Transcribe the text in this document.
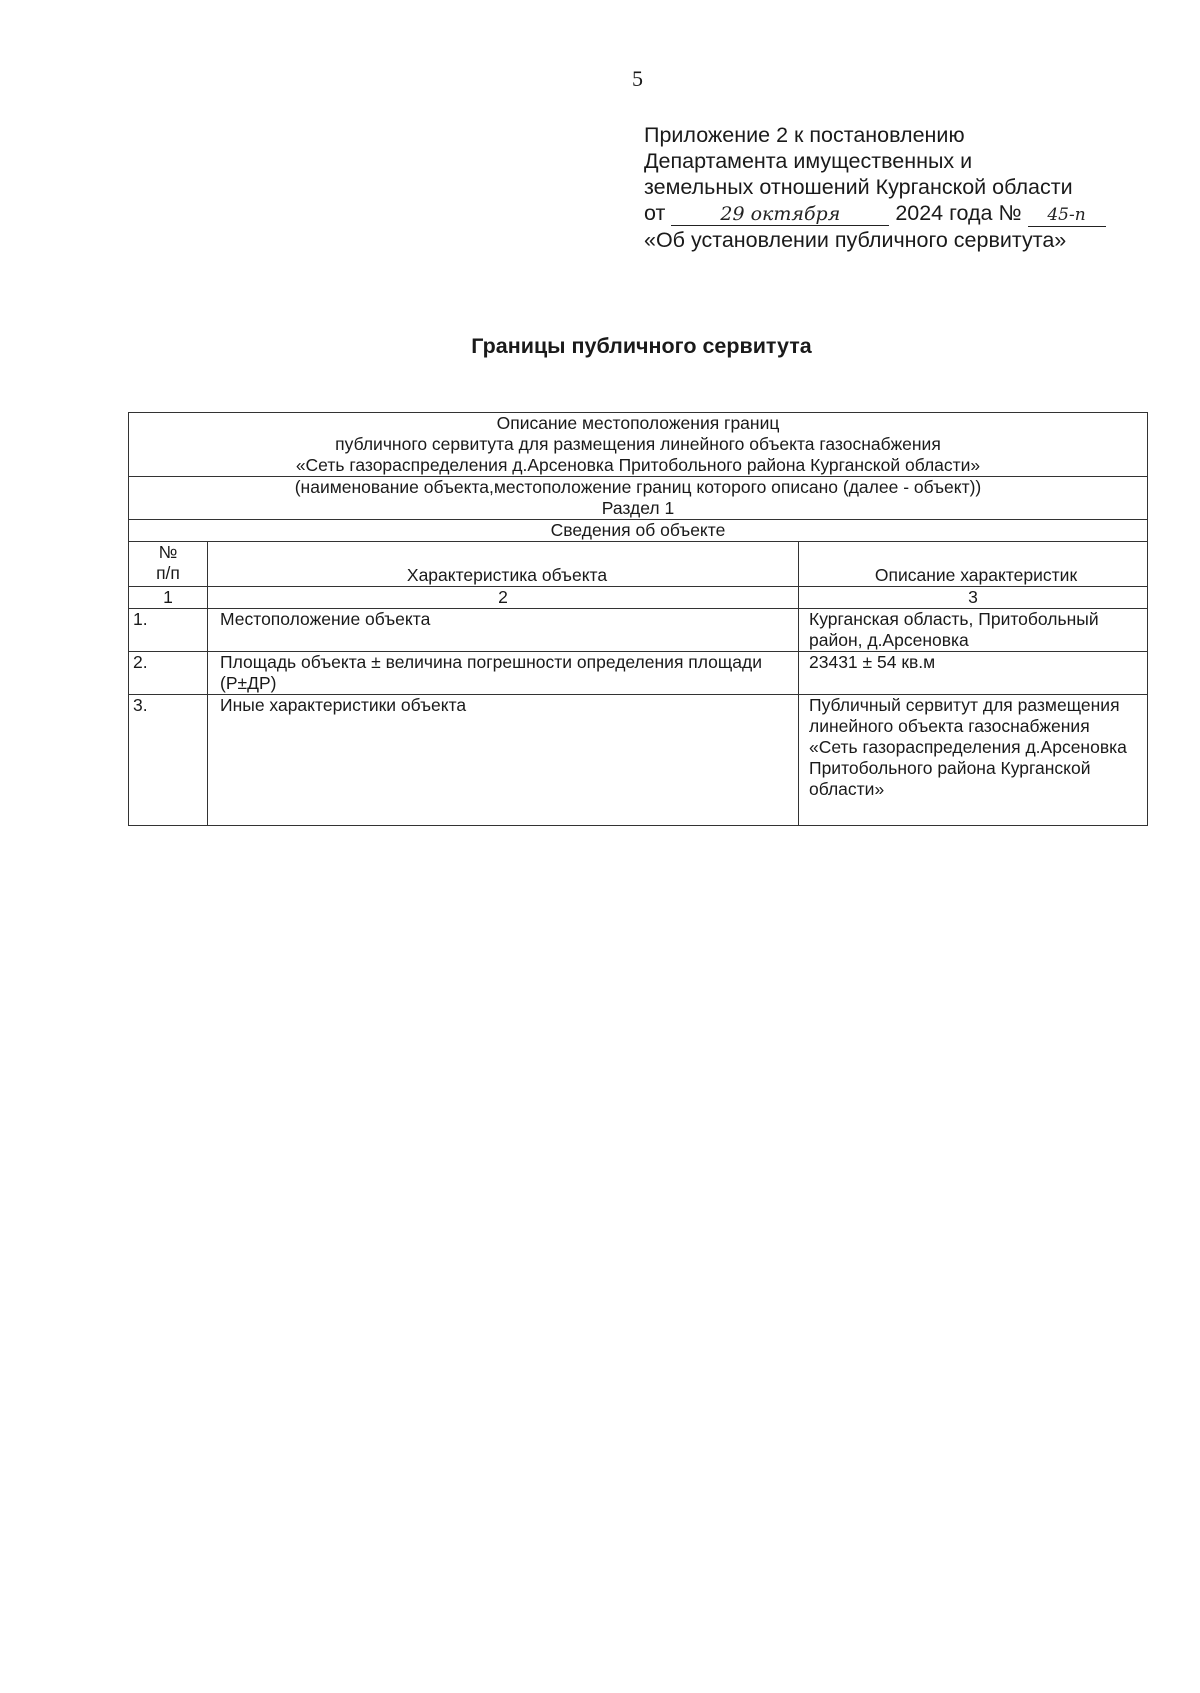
5
Приложение 2 к постановлению
Департамента имущественных и
земельных отношений Курганской области
от	29 октября	2024 года № 45-п
«Об установлении публичного сервитута»
Границы публичного сервитута
Описание местоположения границ
публичного сервитута для размещения линейного объекта газоснабжения
«Сеть газораспределения д.Арсеновка Притобольного района Курганской области»		

(наименование объекта,местоположение границ которого описано (далее - объект))
Раздел 1		

Сведения об объекте		

№
п/п	Характеристика объекта	Описание характеристик
1	2	3
1.	Местоположение объекта	Курганская область, Притобольный район, д.Арсеновка
2.	Площадь объекта ± величина погрешности определения площади (Р±ДР)	23431 ± 54 кв.м
3.	Иные характеристики объекта	Публичный сервитут для размещения линейного объекта газоснабжения «Сеть газораспределения д.Арсеновка Притобольного района Курганской области»
